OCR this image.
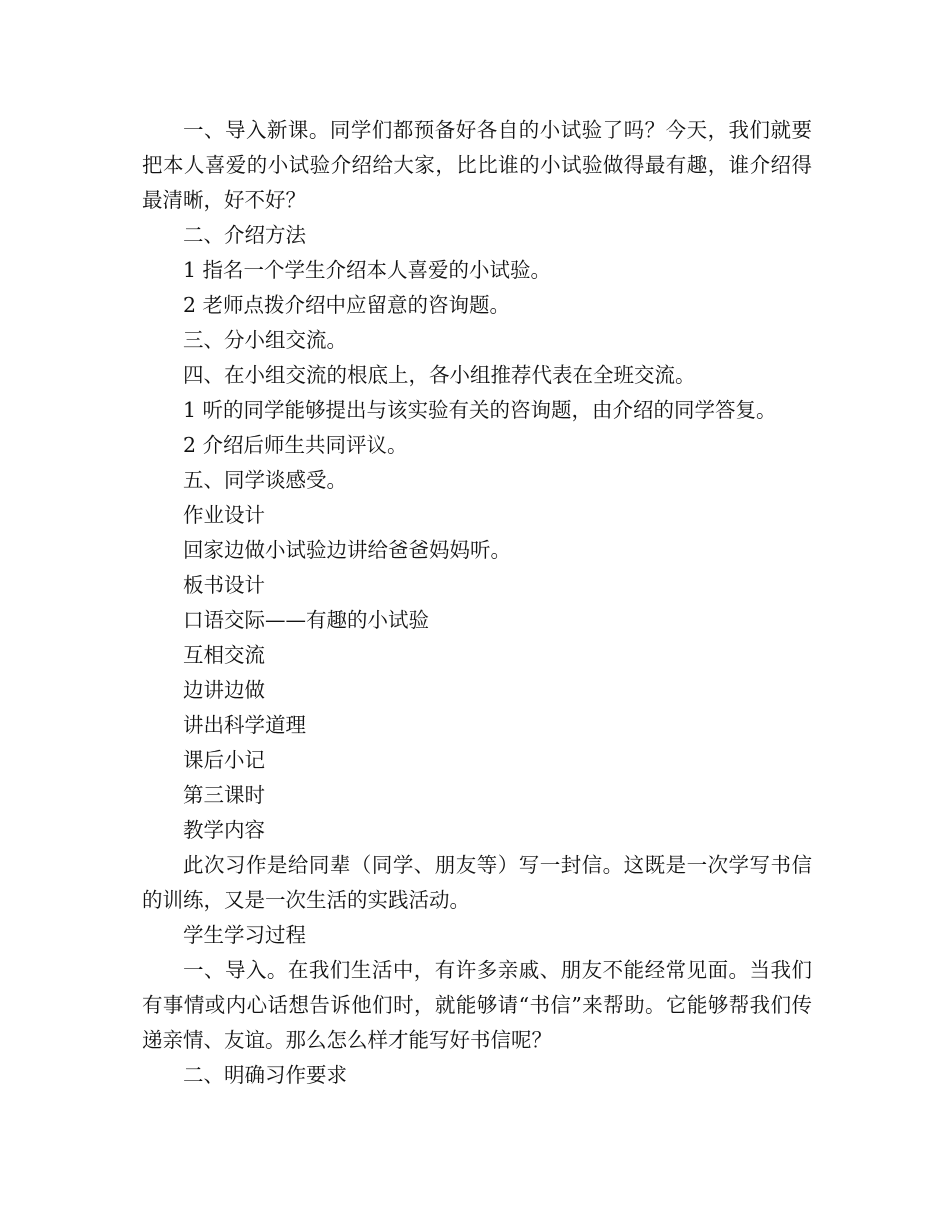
一、导入新课。同学们都预备好各自的小试验了吗？今天，我们就要把本人喜爱的小试验介绍给大家，比比谁的小试验做得最有趣，谁介绍得最清晰，好不好？

二、介绍方法

1 指名一个学生介绍本人喜爱的小试验。

2 老师点拨介绍中应留意的咨询题。

三、分小组交流。

四、在小组交流的根底上，各小组推荐代表在全班交流。

1 听的同学能够提出与该实验有关的咨询题，由介绍的同学答复。

2 介绍后师生共同评议。

五、同学谈感受。

作业设计

回家边做小试验边讲给爸爸妈妈听。

板书设计

口语交际——有趣的小试验

互相交流

边讲边做

讲出科学道理

课后小记

第三课时

教学内容

此次习作是给同辈（同学、朋友等）写一封信。这既是一次学写书信的训练，又是一次生活的实践活动。

学生学习过程

一、导入。在我们生活中，有许多亲戚、朋友不能经常见面。当我们有事情或内心话想告诉他们时，就能够请“书信”来帮助。它能够帮我们传递亲情、友谊。那么怎么样才能写好书信呢？

二、明确习作要求
